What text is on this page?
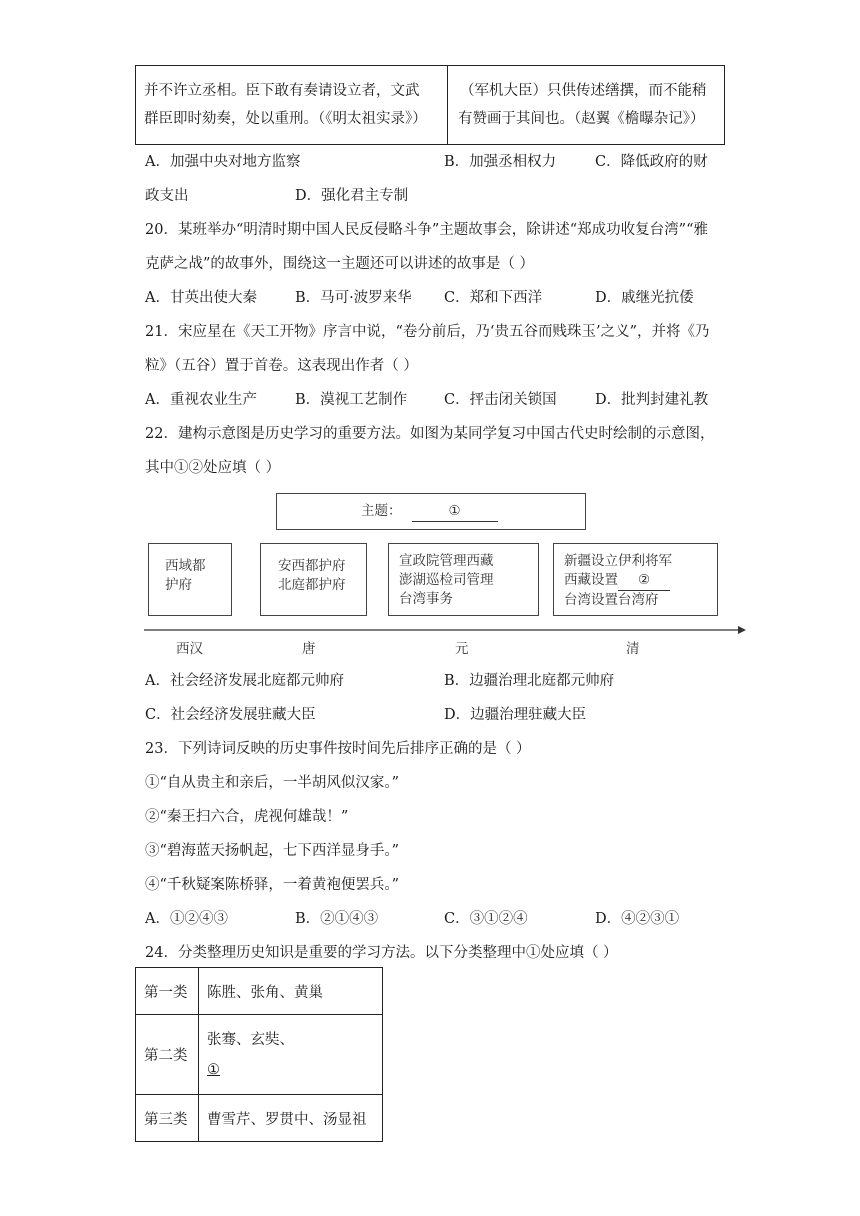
并不许立丞相。臣下敢有奏请设立者，文武
群臣即时劾奏，处以重刑。（《明太祖实录》）
（军机大臣）只供传述缮撰，而不能稍
有赞画于其间也。（赵翼《檐曝杂记》）
A．加强中央对地方监察	B．加强丞相权力	C．降低政府的财
政支出	D．强化君主专制
20．某班举办“明清时期中国人民反侵略斗争”主题故事会，除讲述“郑成功收复台湾”“雅
克萨之战”的故事外，围绕这一主题还可以讲述的故事是（ ）
A．甘英出使大秦	B．马可·波罗来华 C．郑和下西洋	D．戚继光抗倭
21．宋应星在《天工开物》序言中说，“卷分前后，乃‘贵五谷而贱珠玉’之义”，并将《乃
粒》（五谷）置于首卷。这表现出作者（ ）
A．重视农业生产	B．漠视工艺制作	C．抨击闭关锁国	D．批判封建礼教
22．建构示意图是历史学习的重要方法。如图为某同学复习中国古代史时绘制的示意图，
其中①②处应填（ ）
主题：	①
西域都
护府
安西都护府
北庭都护府
宣政院管理西藏
澎湖巡检司管理
台湾事务
新疆设立伊利将军
西藏设置 ②
台湾设置台湾府
西汉	唐	元	清
A．社会经济发展北庭都元帅府	B．边疆治理北庭都元帅府
C．社会经济发展驻藏大臣	D．边疆治理驻藏大臣
23．下列诗词反映的历史事件按时间先后排序正确的是（ ）
①“自从贵主和亲后，一半胡风似汉家。”
②“秦王扫六合，虎视何雄哉！”
③“碧海蓝天扬帆起，七下西洋显身手。”
④“千秋疑案陈桥驿，一着黄袍便罢兵。”
A．①②④③	B．②①④③	C．③①②④	D．④②③①
24．分类整理历史知识是重要的学习方法。以下分类整理中①处应填（ ）
第一类	陈胜、张角、黄巢
第二类	张骞、玄奘、
①

第三类	曹雪芹、罗贯中、汤显祖
